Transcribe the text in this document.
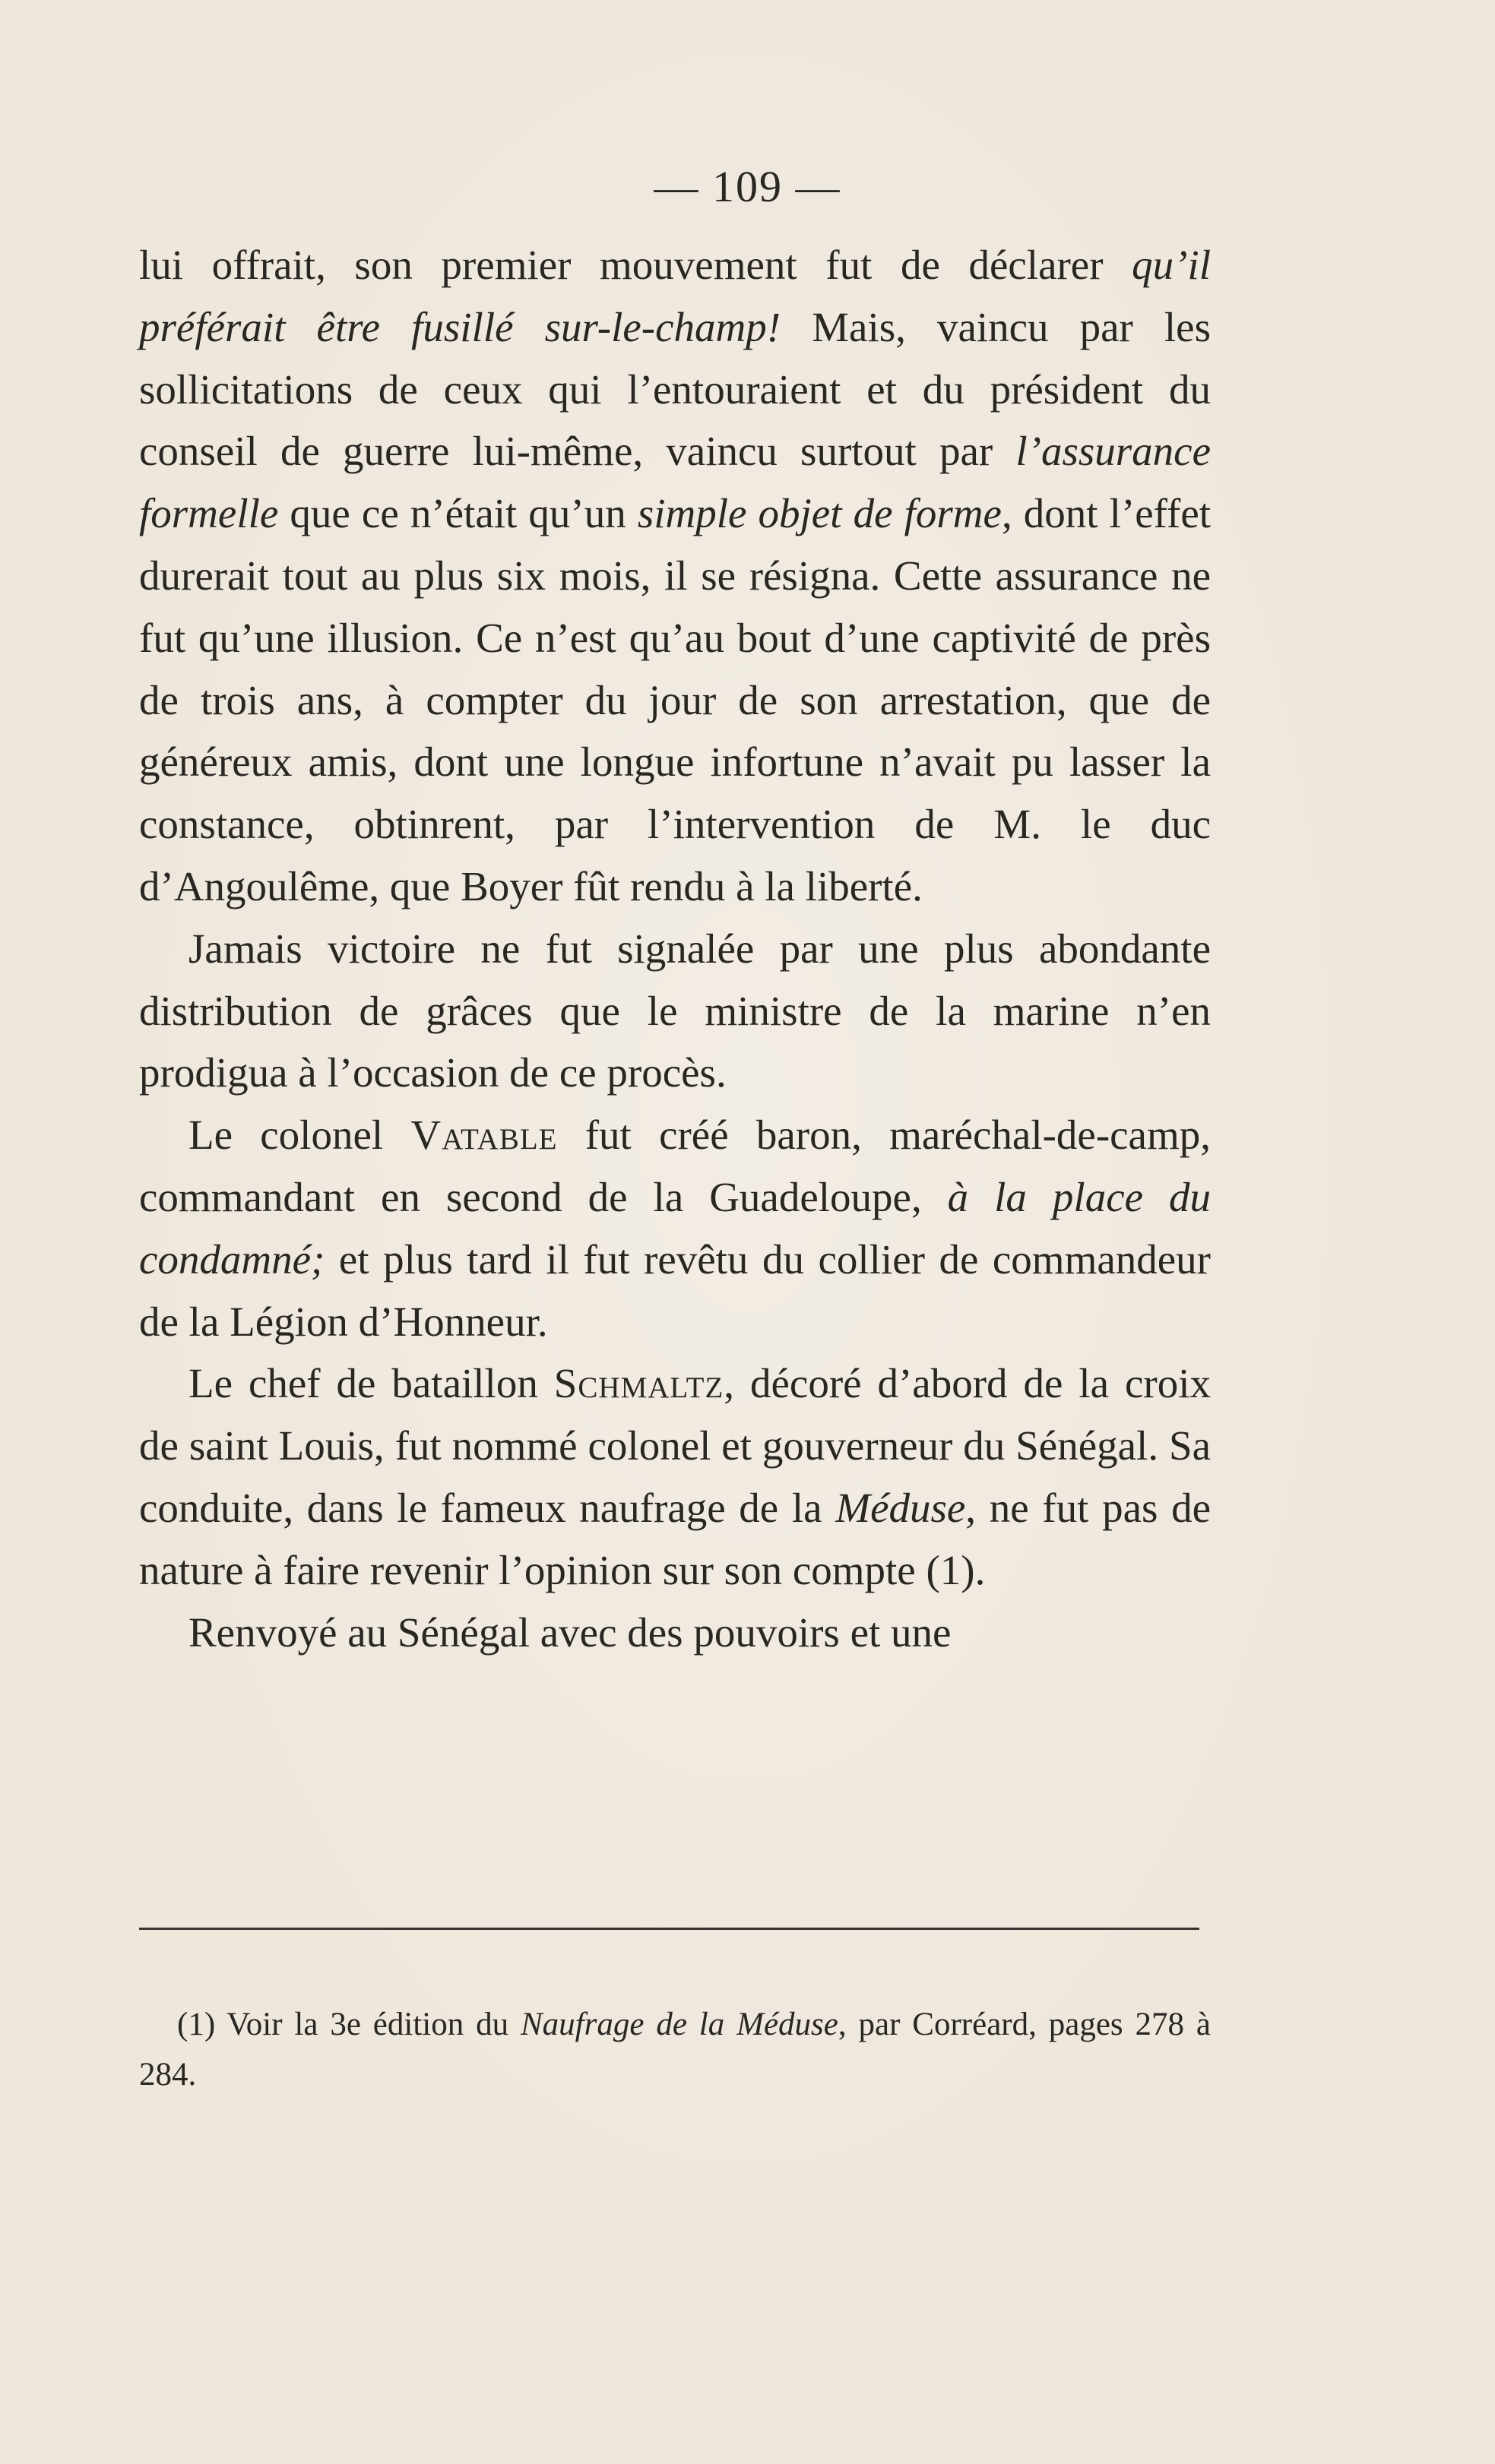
— 109 —

lui offrait, son premier mouvement fut de déclarer qu’il préférait être fusillé sur-le-champ! Mais, vaincu par les sollicitations de ceux qui l’entouraient et du président du conseil de guerre lui-même, vaincu surtout par l’assurance formelle que ce n’était qu’un simple objet de forme, dont l’effet durerait tout au plus six mois, il se résigna. Cette assurance ne fut qu’une illusion. Ce n’est qu’au bout d’une captivité de près de trois ans, à compter du jour de son arrestation, que de généreux amis, dont une longue infortune n’avait pu lasser la constance, obtinrent, par l’intervention de M. le duc d’Angoulême, que Boyer fût rendu à la liberté.

Jamais victoire ne fut signalée par une plus abondante distribution de grâces que le ministre de la marine n’en prodigua à l’occasion de ce procès.

Le colonel Vatable fut créé baron, maréchal-de-camp, commandant en second de la Guadeloupe, à la place du condamné; et plus tard il fut revêtu du collier de commandeur de la Légion d’Honneur.

Le chef de bataillon Schmaltz, décoré d’abord de la croix de saint Louis, fut nommé colonel et gouverneur du Sénégal. Sa conduite, dans le fameux naufrage de la Méduse, ne fut pas de nature à faire revenir l’opinion sur son compte (1).

Renvoyé au Sénégal avec des pouvoirs et une

(1) Voir la 3e édition du Naufrage de la Méduse, par Corréard, pages 278 à 284.
